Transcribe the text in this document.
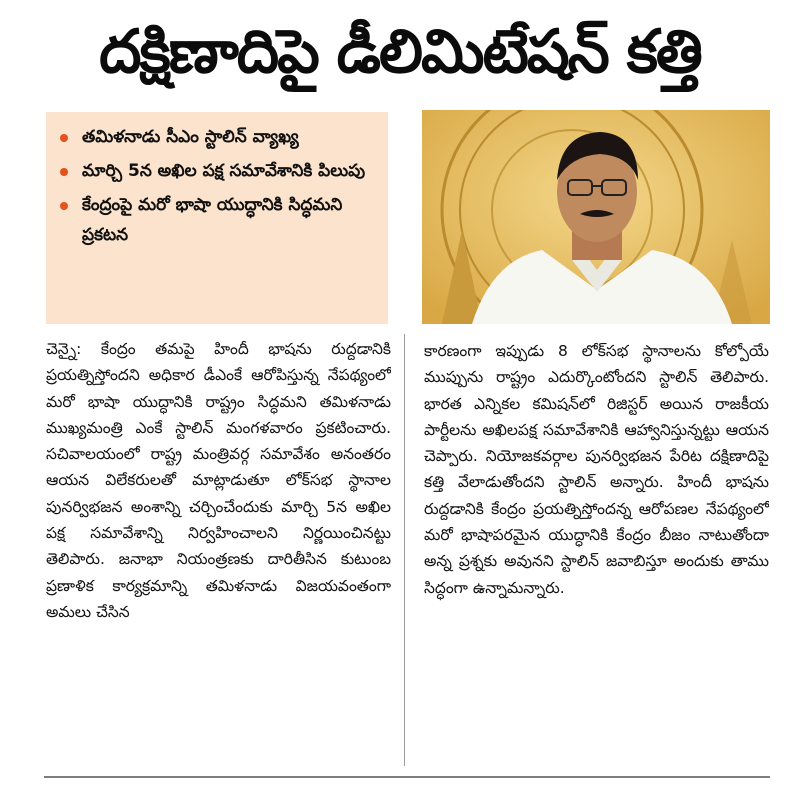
దక్షిణాదిపై డీలిమిటేషన్ కత్తి
తమిళనాడు సీఎం స్టాలిన్ వ్యాఖ్య
మార్చి 5న అఖిల పక్ష సమావేశానికి పిలుపు
కేంద్రంపై మరో భాషా యుద్ధానికి సిద్ధమని ప్రకటన
చెన్నై: కేంద్రం తమపై హిందీ భాషను రుద్దడానికి ప్రయత్నిస్తోందని అధికార డీఎంకే ఆరోపిస్తున్న నేపథ్యంలో మరో భాషా యుద్ధానికి రాష్ట్రం సిద్ధమని తమిళనాడు ముఖ్యమంత్రి ఎంకే స్టాలిన్ మంగళవారం ప్రకటించారు. సచివాలయంలో రాష్ట్ర మంత్రివర్గ సమావేశం అనంతరం ఆయన విలేకరులతో మాట్లాడుతూ లోక్‌సభ స్థానాల పునర్విభజన అంశాన్ని చర్చించేందుకు మార్చి 5న అఖిల పక్ష సమావేశాన్ని నిర్వహించాలని నిర్ణయించినట్టు తెలిపారు. జనాభా నియంత్రణకు దారితీసిన కుటుంబ ప్రణాళిక కార్యక్రమాన్ని తమిళనాడు విజయవంతంగా అమలు చేసిన
కారణంగా ఇప్పుడు 8 లోక్‌సభ స్థానాలను కోల్పోయే ముప్పును రాష్ట్రం ఎదుర్కొంటోందని స్టాలిన్ తెలిపారు. భారత ఎన్నికల కమిషన్‌లో రిజిస్టర్ అయిన రాజకీయ పార్టీలను అఖిలపక్ష సమావేశానికి ఆహ్వానిస్తున్నట్టు ఆయన చెప్పారు. నియోజకవర్గాల పునర్విభజన పేరిట దక్షిణాదిపై కత్తి వేలాడుతోందని స్టాలిన్ అన్నారు. హిందీ భాషను రుద్దడానికి కేంద్రం ప్రయత్నిస్తోందన్న ఆరోపణల నేపథ్యంలో మరో భాషాపరమైన యుద్ధానికి కేంద్రం బీజం నాటుతోందా అన్న ప్రశ్నకు అవునని స్టాలిన్ జవాబిస్తూ అందుకు తాము సిద్ధంగా ఉన్నామన్నారు.
